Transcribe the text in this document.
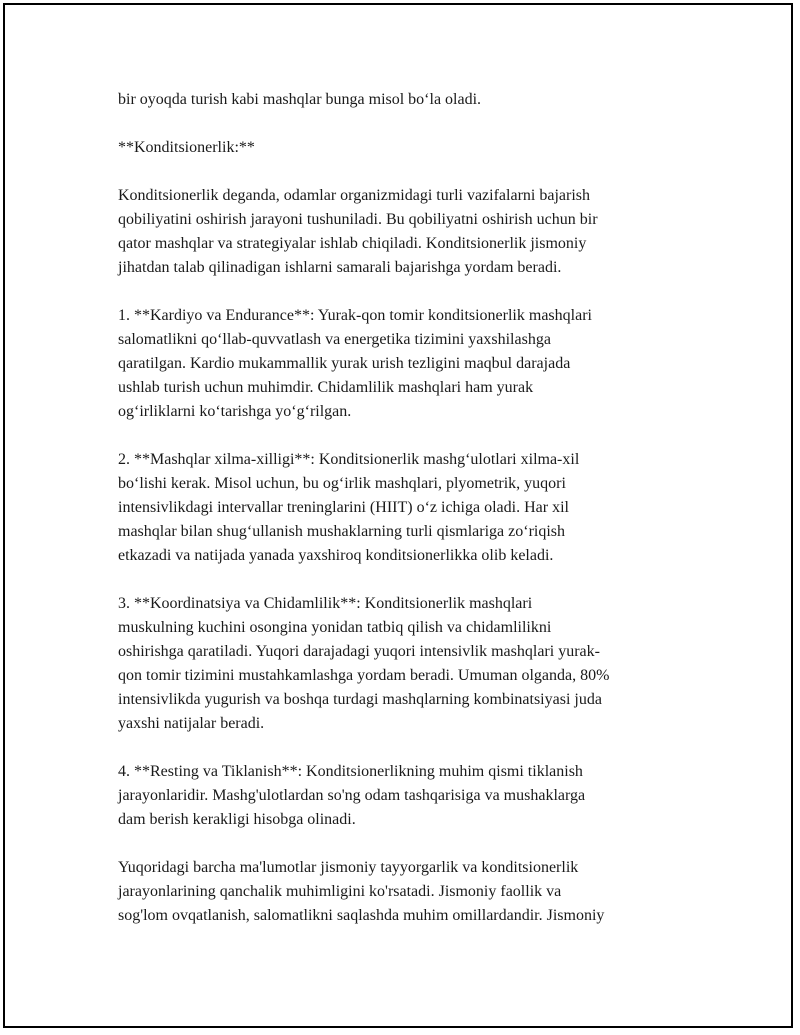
bir oyoqda turish kabi mashqlar bunga misol bo‘la oladi.
**Konditsionerlik:**
Konditsionerlik deganda, odamlar organizmidagi turli vazifalarni bajarish
qobiliyatini oshirish jarayoni tushuniladi. Bu qobiliyatni oshirish uchun bir
qator mashqlar va strategiyalar ishlab chiqiladi. Konditsionerlik jismoniy
jihatdan talab qilinadigan ishlarni samarali bajarishga yordam beradi.
1. **Kardiyo va Endurance**: Yurak-qon tomir konditsionerlik mashqlari
salomatlikni qo‘llab-quvvatlash va energetika tizimini yaxshilashga
qaratilgan. Kardio mukammallik yurak urish tezligini maqbul darajada
ushlab turish uchun muhimdir. Chidamlilik mashqlari ham yurak
og‘irliklarni ko‘tarishga yo‘g‘rilgan.
2. **Mashqlar xilma-xilligi**: Konditsionerlik mashg‘ulotlari xilma-xil
bo‘lishi kerak. Misol uchun, bu og‘irlik mashqlari, plyometrik, yuqori
intensivlikdagi intervallar treninglarini (HIIT) o‘z ichiga oladi. Har xil
mashqlar bilan shug‘ullanish mushaklarning turli qismlariga zo‘riqish
etkazadi va natijada yanada yaxshiroq konditsionerlikka olib keladi.
3. **Koordinatsiya va Chidamlilik**: Konditsionerlik mashqlari
muskulning kuchini osongina yonidan tatbiq qilish va chidamlilikni
oshirishga qaratiladi. Yuqori darajadagi yuqori intensivlik mashqlari yurak-
qon tomir tizimini mustahkamlashga yordam beradi. Umuman olganda, 80%
intensivlikda yugurish va boshqa turdagi mashqlarning kombinatsiyasi juda
yaxshi natijalar beradi.
4. **Resting va Tiklanish**: Konditsionerlikning muhim qismi tiklanish
jarayonlaridir. Mashg'ulotlardan so'ng odam tashqarisiga va mushaklarga
dam berish kerakligi hisobga olinadi.
Yuqoridagi barcha ma'lumotlar jismoniy tayyorgarlik va konditsionerlik
jarayonlarining qanchalik muhimligini ko'rsatadi. Jismoniy faollik va
sog'lom ovqatlanish, salomatlikni saqlashda muhim omillardandir. Jismoniy
